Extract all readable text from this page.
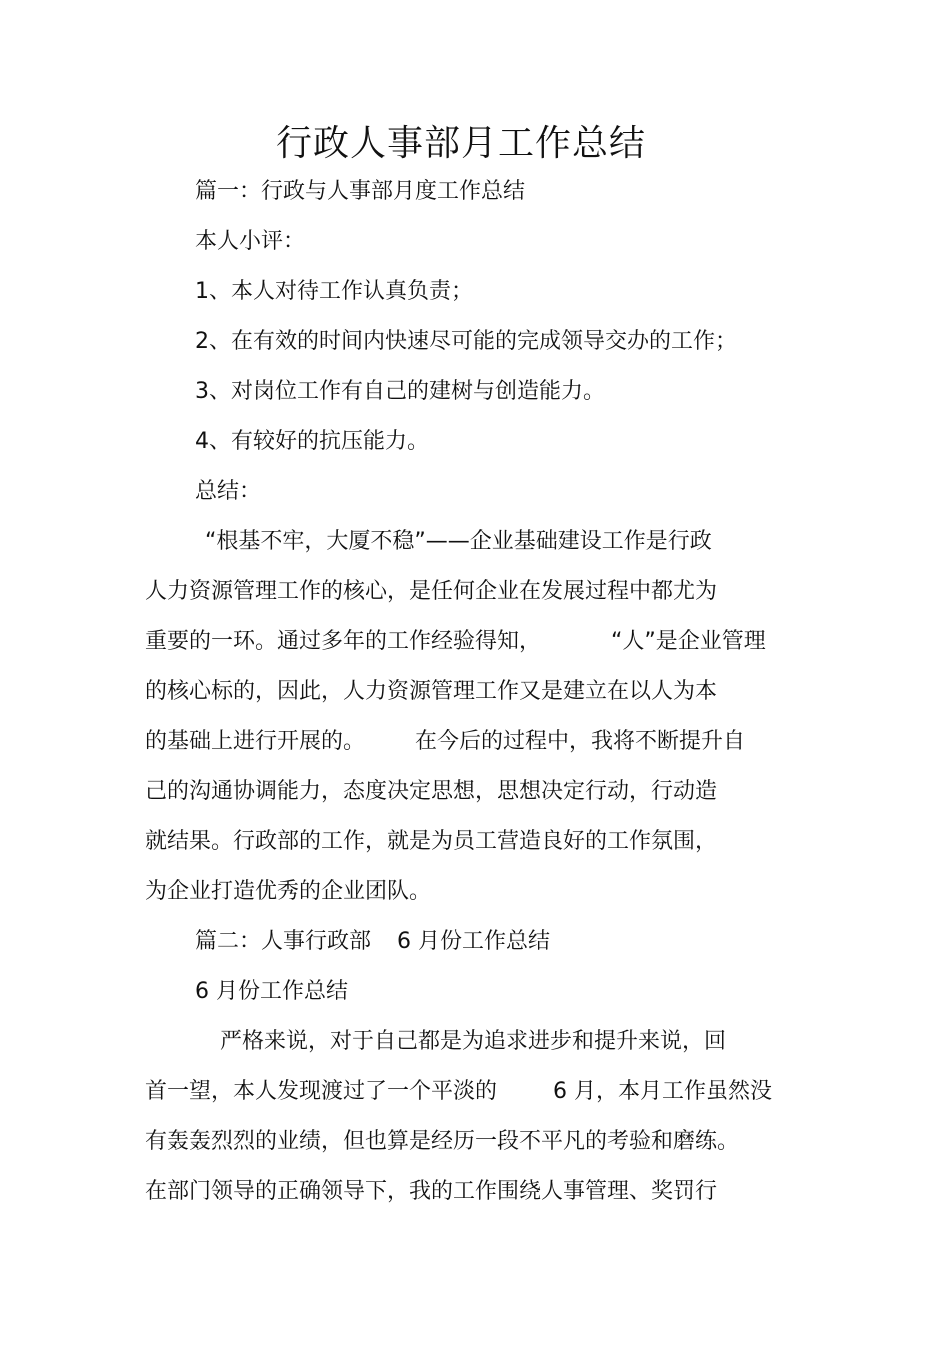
行政人事部月工作总结
篇一：行政与人事部月度工作总结
本人小评：
1、本人对待工作认真负责；
2、在有效的时间内快速尽可能的完成领导交办的工作；
3、对岗位工作有自己的建树与创造能力。
4、有较好的抗压能力。
总结：
“根基不牢，大厦不稳”——企业基础建设工作是行政
人力资源管理工作的核心，是任何企业在发展过程中都尤为
重要的一环。通过多年的工作经验得知，	“人”是企业管理
的核心标的，因此，人力资源管理工作又是建立在以人为本
的基础上进行开展的。 在今后的过程中，我将不断提升自
己的沟通协调能力，态度决定思想，思想决定行动，行动造
就结果。行政部的工作，就是为员工营造良好的工作氛围，
为企业打造优秀的企业团队。
篇二：人事行政部 6 月份工作总结
6 月份工作总结
严格来说，对于自己都是为追求进步和提升来说，回
首一望，本人发现渡过了一个平淡的	6 月，本月工作虽然没
有轰轰烈烈的业绩，但也算是经历一段不平凡的考验和磨练。
在部门领导的正确领导下，我的工作围绕人事管理、奖罚行
